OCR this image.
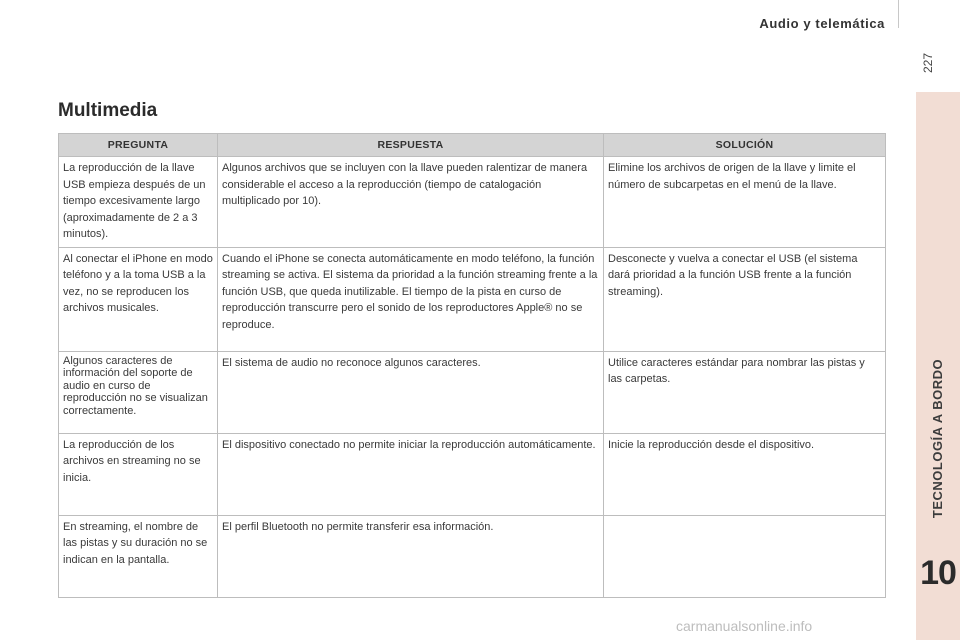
Audio y telemática
227
TECNOLOGÍA A BORDO
10
Multimedia
PREGUNTA	RESPUESTA	SOLUCIÓN
La reproducción de la llave USB empieza después de un tiempo excesivamente largo (aproximadamente de 2 a 3 minutos).	Algunos archivos que se incluyen con la llave pueden ralentizar de manera considerable el acceso a la reproducción (tiempo de catalogación multiplicado por 10).	Elimine los archivos de origen de la llave y limite el número de subcarpetas en el menú de la llave.
Al conectar el iPhone en modo teléfono y a la toma USB a la vez, no se reproducen los archivos musicales.	Cuando el iPhone se conecta automáticamente en modo teléfono, la función streaming se activa. El sistema da prioridad a la función streaming frente a la función USB, que queda inutilizable. El tiempo de la pista en curso de reproducción transcurre pero el sonido de los reproductores Apple® no se reproduce.	Desconecte y vuelva a conectar el USB (el sistema dará prioridad a la función USB frente a la función streaming).
Algunos caracteres de información del soporte de audio en curso de reproducción no se visualizan correctamente.	El sistema de audio no reconoce algunos caracteres.	Utilice caracteres estándar para nombrar las pistas y las carpetas.
La reproducción de los archivos en streaming no se inicia.	El dispositivo conectado no permite iniciar la reproducción automáticamente.	Inicie la reproducción desde el dispositivo.
En streaming, el nombre de las pistas y su duración no se indican en la pantalla.	El perfil Bluetooth no permite transferir esa información.	
carmanualsonline.info
